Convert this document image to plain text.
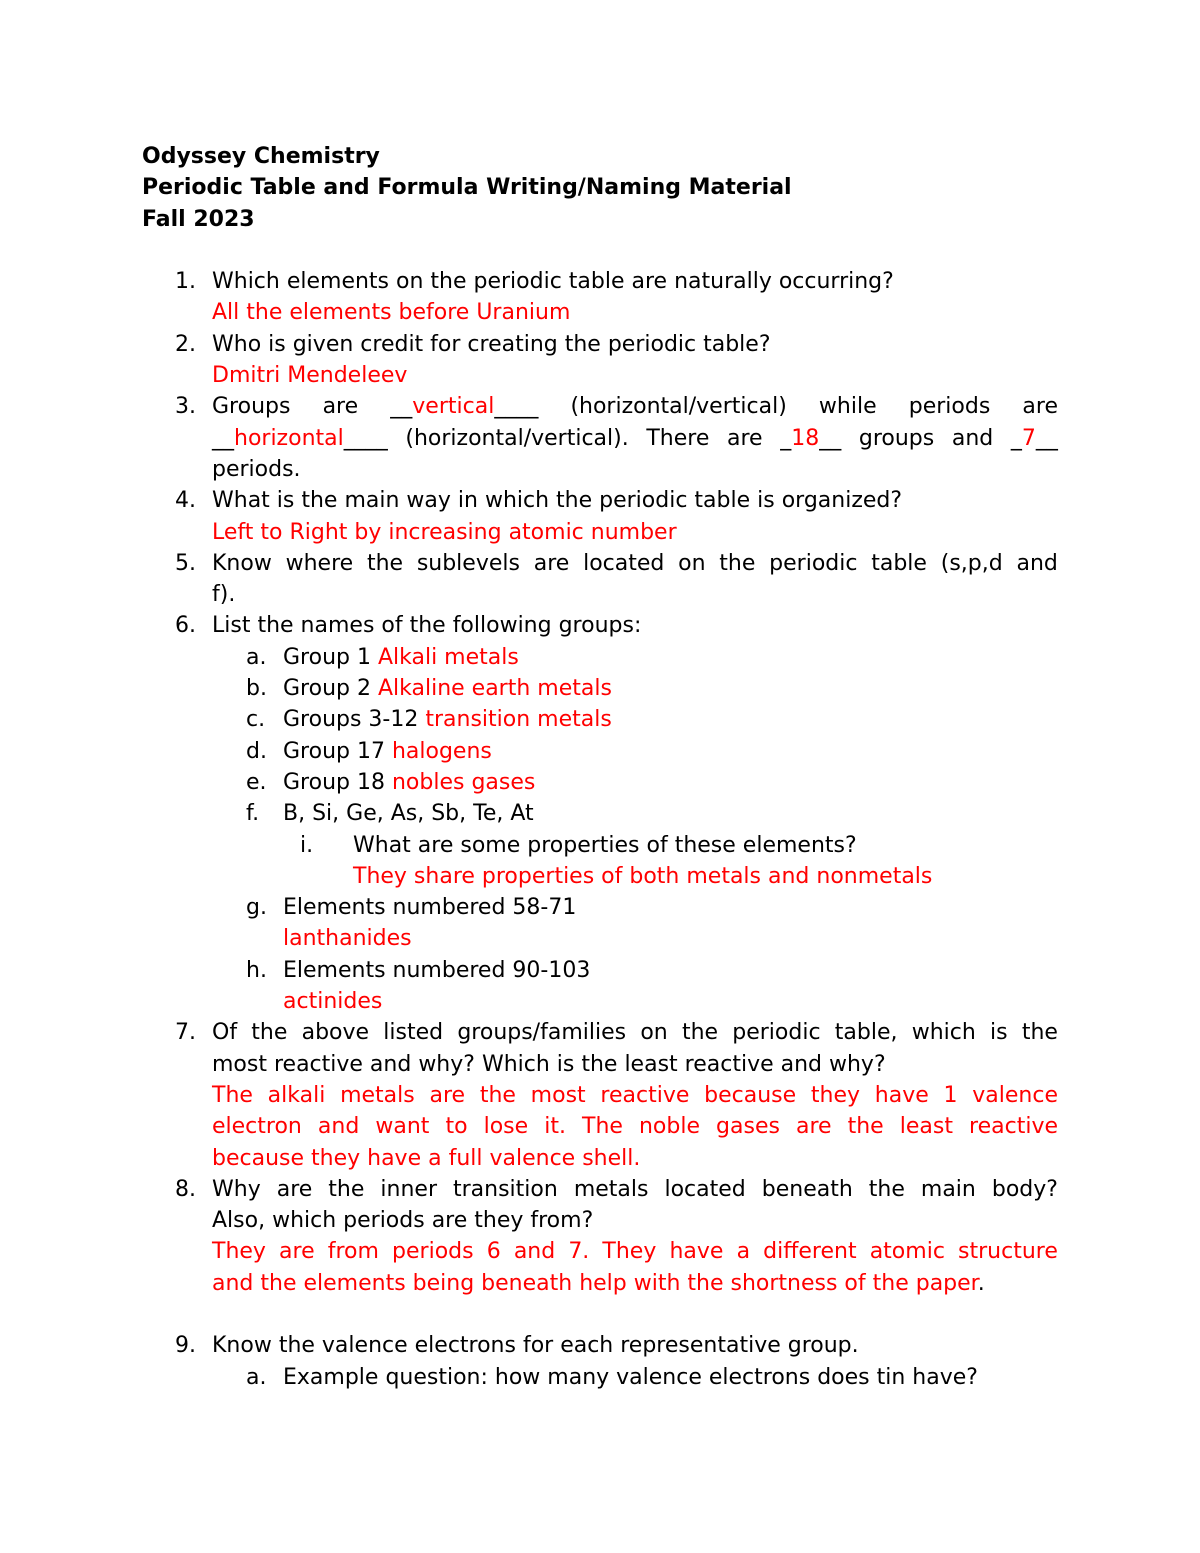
Odyssey Chemistry
Periodic Table and Formula Writing/Naming Material
Fall 2023
1. Which elements on the periodic table are naturally occurring?
All the elements before Uranium
2. Who is given credit for creating the periodic table?
Dmitri Mendeleev
3. Groups are __vertical____ (horizontal/vertical) while periods are
__horizontal____ (horizontal/vertical). There are _18__ groups and _7__
periods.
4. What is the main way in which the periodic table is organized?
Left to Right by increasing atomic number
5. Know where the sublevels are located on the periodic table (s,p,d and
f).
6. List the names of the following groups:
a. Group 1 Alkali metals
b. Group 2 Alkaline earth metals
c. Groups 3-12 transition metals
d. Group 17 halogens
e. Group 18 nobles gases
f. B, Si, Ge, As, Sb, Te, At
i. What are some properties of these elements?
They share properties of both metals and nonmetals
g. Elements numbered 58-71
lanthanides
h. Elements numbered 90-103
actinides
7. Of the above listed groups/families on the periodic table, which is the
most reactive and why? Which is the least reactive and why?
The alkali metals are the most reactive because they have 1 valence
electron and want to lose it. The noble gases are the least reactive
because they have a full valence shell.
8. Why are the inner transition metals located beneath the main body?
Also, which periods are they from?
They are from periods 6 and 7. They have a different atomic structure
and the elements being beneath help with the shortness of the paper.
9. Know the valence electrons for each representative group.
a. Example question: how many valence electrons does tin have?
